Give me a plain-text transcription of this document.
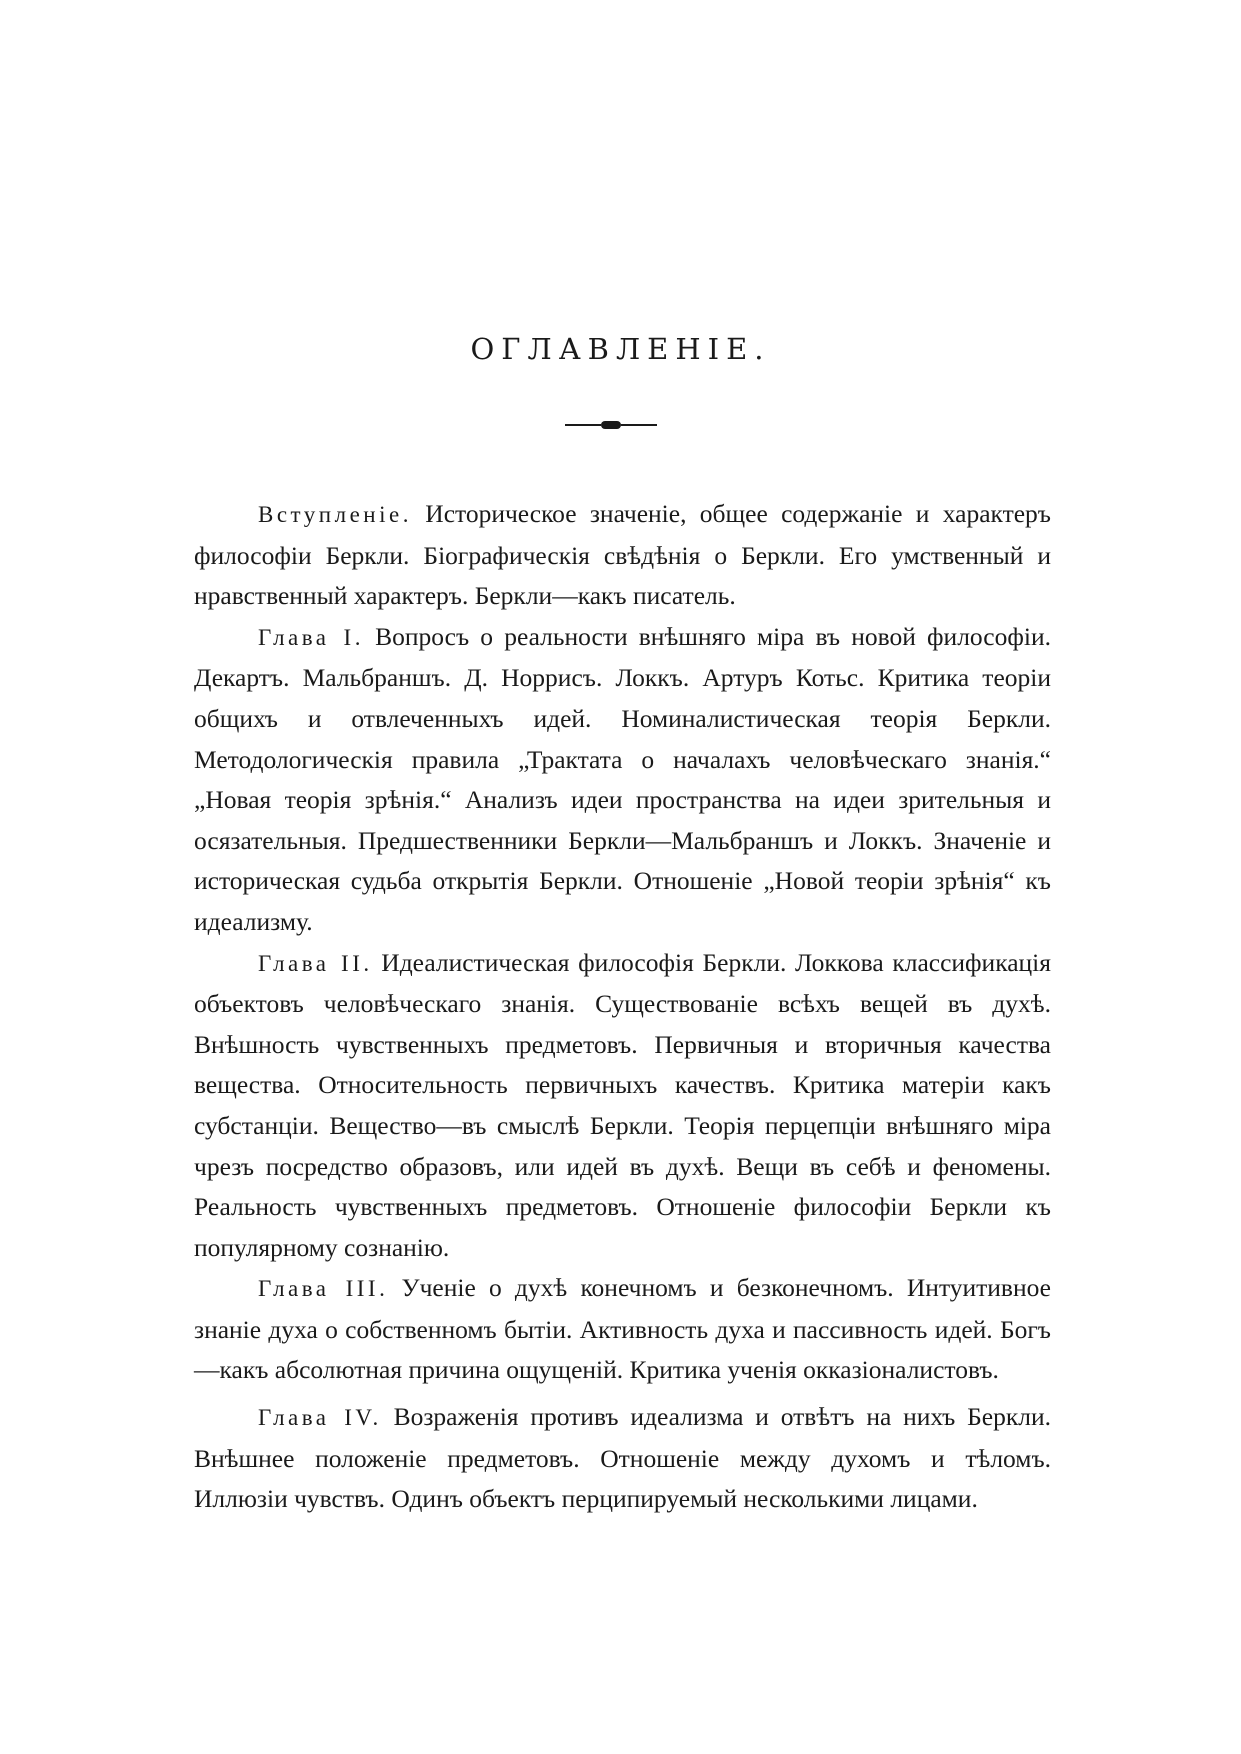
ОГЛАВЛЕНІЕ.

Вступленіе. Историческое значеніе, общее содержаніе и характеръ философіи Беркли. Біографическія свѣдѣнія о Беркли. Его умственный и нравственный характеръ. Беркли—какъ писатель.

Глава I. Вопросъ о реальности внѣшняго міра въ новой философіи. Декартъ. Мальбраншъ. Д. Норрисъ. Локкъ. Артуръ Котьс. Критика теоріи общихъ и отвлеченныхъ идей. Номиналистическая теорія Беркли. Методологическія правила „Трактата о началахъ человѣческаго знанія.“ „Новая теорія зрѣнія.“ Анализъ идеи пространства на идеи зрительныя и осязательныя. Предшественники Беркли—Мальбраншъ и Локкъ. Значеніе и историческая судьба открытія Беркли. Отношеніе „Новой теоріи зрѣнія“ къ идеализму.

Глава II. Идеалистическая философія Беркли. Локкова классификація объектовъ человѣческаго знанія. Существованіе всѣхъ вещей въ духѣ. Внѣшность чувственныхъ предметовъ. Первичныя и вторичныя качества вещества. Относительность первичныхъ качествъ. Критика матеріи какъ субстанціи. Вещество—въ смыслѣ Беркли. Теорія перцепціи внѣшняго міра чрезъ посредство образовъ, или идей въ духѣ. Вещи въ себѣ и феномены. Реальность чувственныхъ предметовъ. Отношеніе философіи Беркли къ популярному сознанію.

Глава III. Ученіе о духѣ конечномъ и безконечномъ. Интуитивное знаніе духа о собственномъ бытіи. Активность духа и пассивность идей. Богъ—какъ абсолютная причина ощущеній. Критика ученія окказіоналистовъ.

Глава IV. Возраженія противъ идеализма и отвѣтъ на нихъ Беркли. Внѣшнее положеніе предметовъ. Отношеніе между духомъ и тѣломъ. Иллюзіи чувствъ. Одинъ объектъ перципируемый несколькими лицами.
